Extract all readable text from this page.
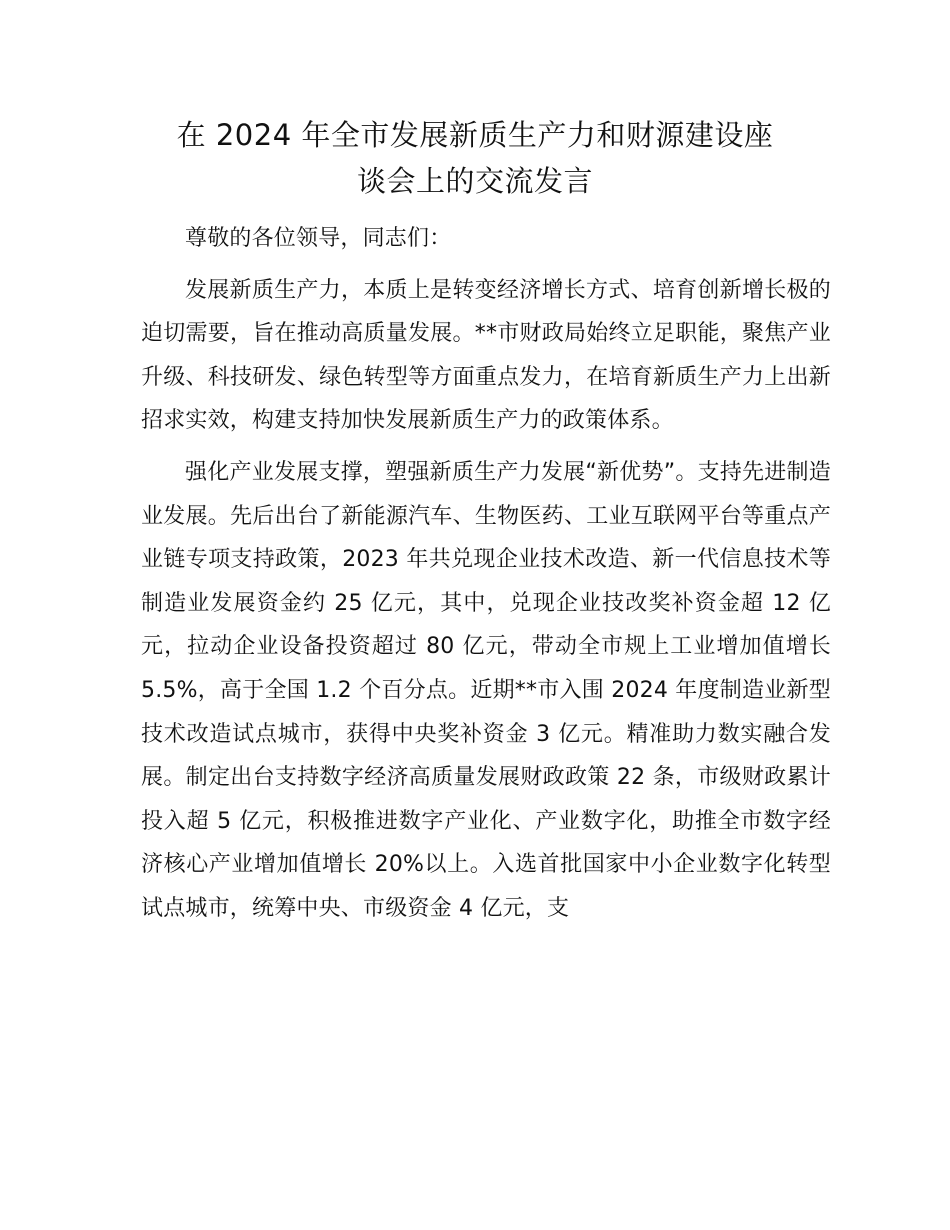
在 2024 年全市发展新质生产力和财源建设座
谈会上的交流发言

尊敬的各位领导，同志们：

发展新质生产力，本质上是转变经济增长方式、培育创新增长极的迫切需要，旨在推动高质量发展。**市财政局始终立足职能，聚焦产业升级、科技研发、绿色转型等方面重点发力，在培育新质生产力上出新招求实效，构建支持加快发展新质生产力的政策体系。

强化产业发展支撑，塑强新质生产力发展“新优势”。支持先进制造业发展。先后出台了新能源汽车、生物医药、工业互联网平台等重点产业链专项支持政策，2023 年共兑现企业技术改造、新一代信息技术等制造业发展资金约 25 亿元，其中，兑现企业技改奖补资金超 12 亿元，拉动企业设备投资超过 80 亿元，带动全市规上工业增加值增长 5.5%，高于全国 1.2 个百分点。近期**市入围 2024 年度制造业新型技术改造试点城市，获得中央奖补资金 3 亿元。精准助力数实融合发展。制定出台支持数字经济高质量发展财政政策 22 条，市级财政累计投入超 5 亿元，积极推进数字产业化、产业数字化，助推全市数字经济核心产业增加值增长 20%以上。入选首批国家中小企业数字化转型试点城市，统筹中央、市级资金 4 亿元，支
